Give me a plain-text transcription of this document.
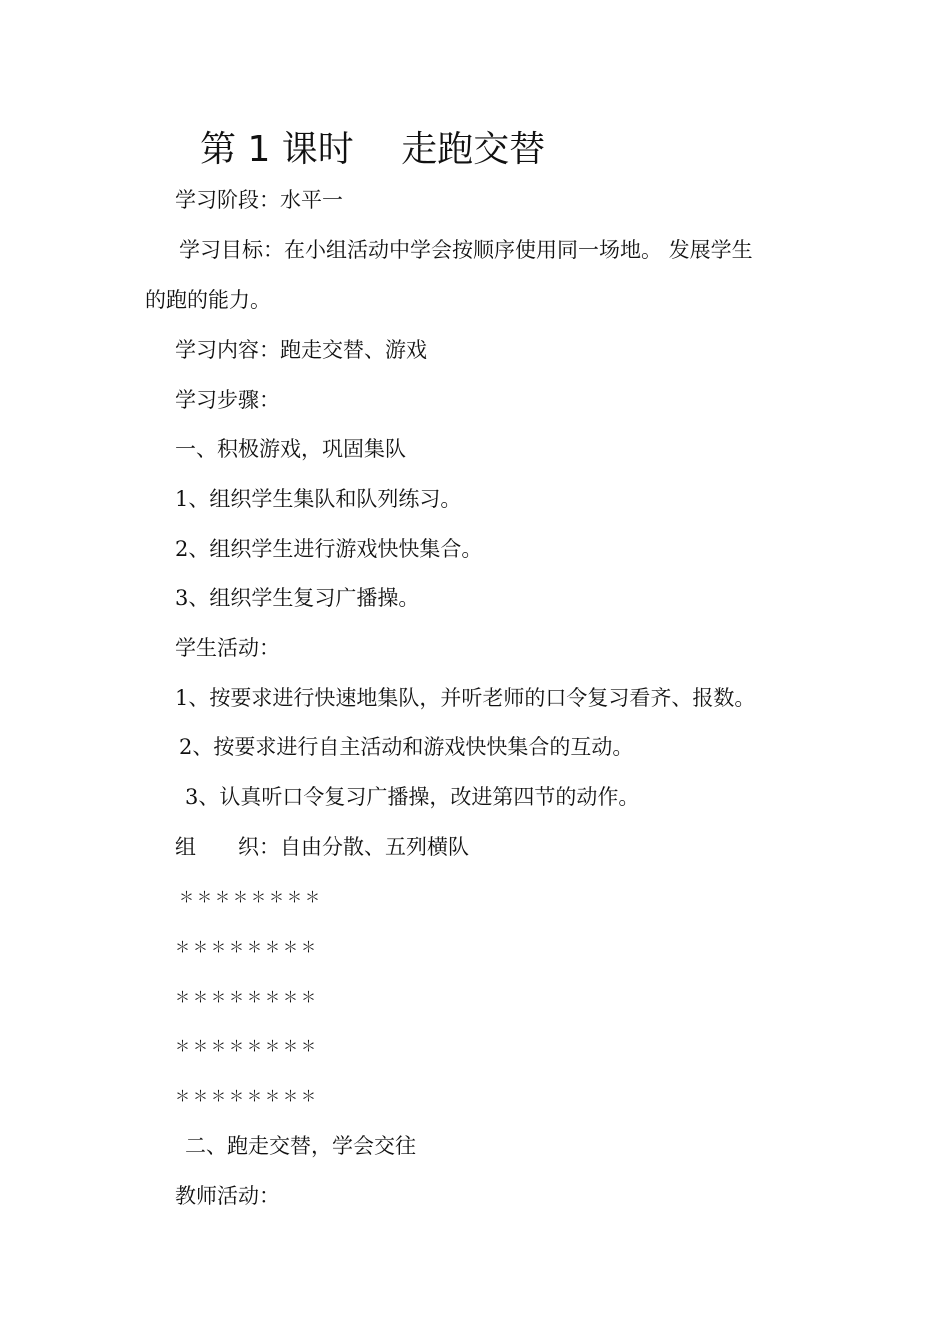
第 1 课时　 走跑交替
学习阶段：水平一
学习目标：在小组活动中学会按顺序使用同一场地。 发展学生
的跑的能力。
学习内容：跑走交替、游戏
学习步骤：
一、积极游戏，巩固集队
1、组织学生集队和队列练习。
2、组织学生进行游戏快快集合。
3、组织学生复习广播操。
学生活动：
1、按要求进行快速地集队，并听老师的口令复习看齐、报数。
2、按要求进行自主活动和游戏快快集合的互动。
3、认真听口令复习广播操，改进第四节的动作。
组　　织：自由分散、五列横队
＊＊＊＊＊＊＊＊
＊＊＊＊＊＊＊＊
＊＊＊＊＊＊＊＊
＊＊＊＊＊＊＊＊
＊＊＊＊＊＊＊＊
二、跑走交替，学会交往
教师活动：
